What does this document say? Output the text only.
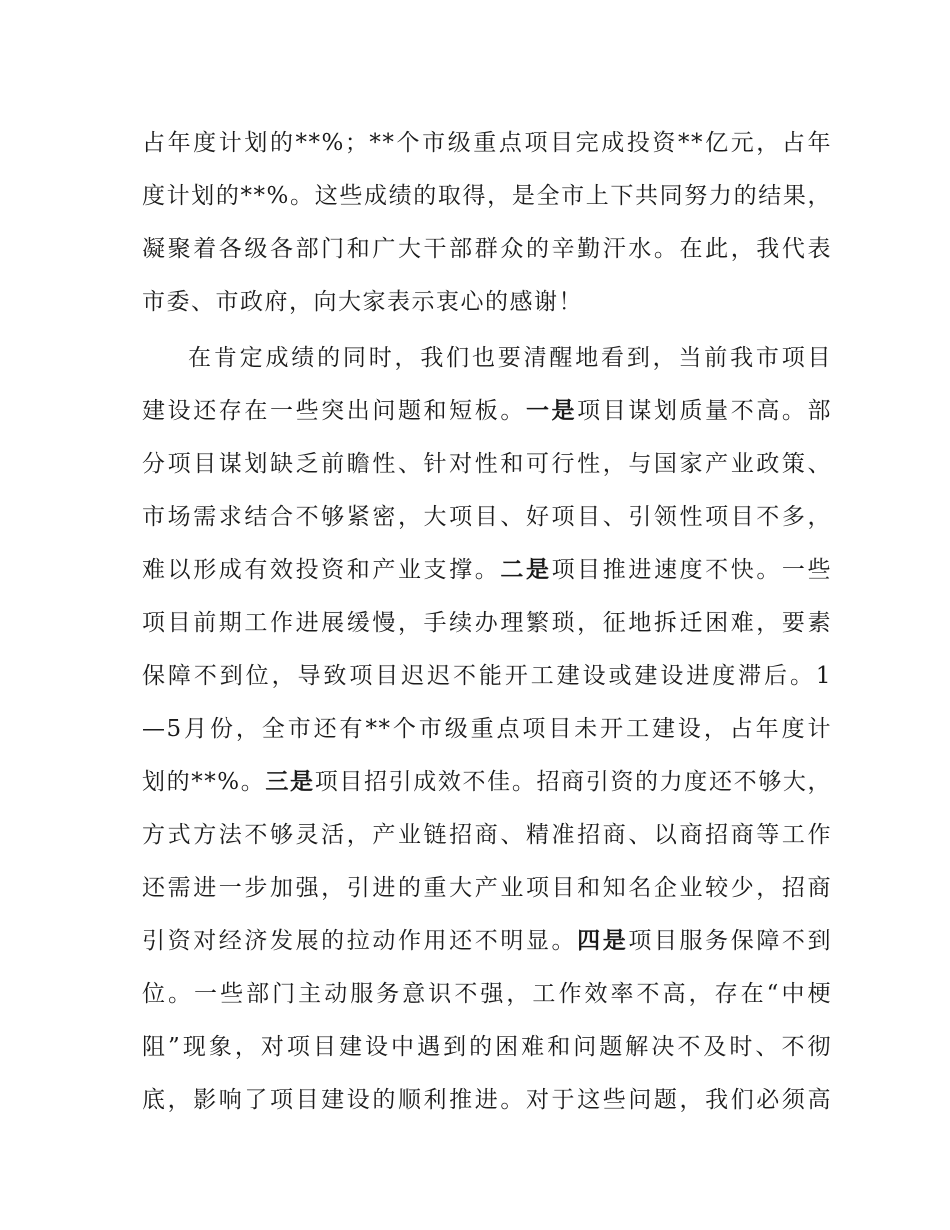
占年度计划的**%；**个市级重点项目完成投资**亿元，占年
度计划的**%。这些成绩的取得，是全市上下共同努力的结果，
凝聚着各级各部门和广大干部群众的辛勤汗水。在此，我代表
市委、市政府，向大家表示衷心的感谢！
在肯定成绩的同时，我们也要清醒地看到，当前我市项目
建设还存在一些突出问题和短板。一是项目谋划质量不高。部
分项目谋划缺乏前瞻性、针对性和可行性，与国家产业政策、
市场需求结合不够紧密，大项目、好项目、引领性项目不多，
难以形成有效投资和产业支撑。二是项目推进速度不快。一些
项目前期工作进展缓慢，手续办理繁琐，征地拆迁困难，要素
保障不到位，导致项目迟迟不能开工建设或建设进度滞后。1
—5月份，全市还有**个市级重点项目未开工建设，占年度计
划的**%。三是项目招引成效不佳。招商引资的力度还不够大，
方式方法不够灵活，产业链招商、精准招商、以商招商等工作
还需进一步加强，引进的重大产业项目和知名企业较少，招商
引资对经济发展的拉动作用还不明显。四是项目服务保障不到
位。一些部门主动服务意识不强，工作效率不高，存在“中梗
阻”现象，对项目建设中遇到的困难和问题解决不及时、不彻
底，影响了项目建设的顺利推进。对于这些问题，我们必须高
